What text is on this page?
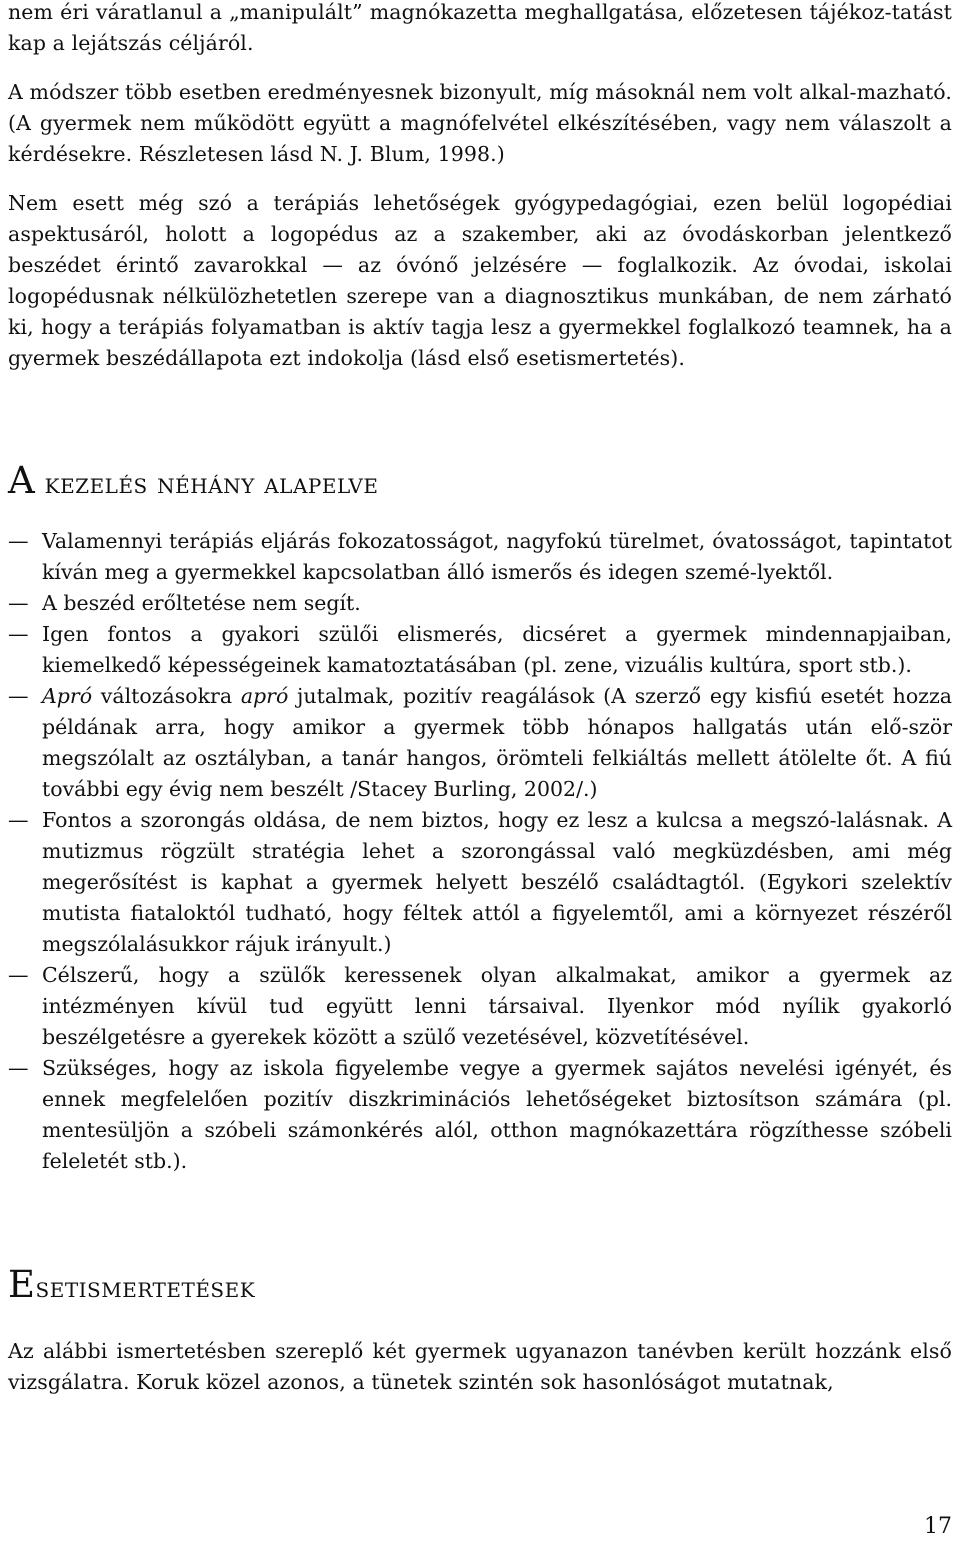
nem éri váratlanul a „manipulált” magnókazetta meghallgatása, előzetesen tájékoz-tatást kap a lejátszás céljáról.

A módszer több esetben eredményesnek bizonyult, míg másoknál nem volt alkal-mazható. (A gyermek nem működött együtt a magnófelvétel elkészítésében, vagy nem válaszolt a kérdésekre. Részletesen lásd N. J. Blum, 1998.)

Nem esett még szó a terápiás lehetőségek gyógypedagógiai, ezen belül logopédiai aspektusáról, holott a logopédus az a szakember, aki az óvodáskorban jelentkező beszédet érintő zavarokkal — az óvónő jelzésére — foglalkozik. Az óvodai, iskolai logopédusnak nélkülözhetetlen szerepe van a diagnosztikus munkában, de nem zárható ki, hogy a terápiás folyamatban is aktív tagja lesz a gyermekkel foglalkozó teamnek, ha a gyermek beszédállapota ezt indokolja (lásd első esetismertetés).

A kezelés néhány alapelve
— Valamennyi terápiás eljárás fokozatosságot, nagyfokú türelmet, óvatosságot, tapintatot kíván meg a gyermekkel kapcsolatban álló ismerős és idegen szemé-lyektől.
— A beszéd erőltetése nem segít.
— Igen fontos a gyakori szülői elismerés, dicséret a gyermek mindennapjaiban, kiemelkedő képességeinek kamatoztatásában (pl. zene, vizuális kultúra, sport stb.).
— Apró változásokra apró jutalmak, pozitív reagálások (A szerző egy kisfiú esetét hozza példának arra, hogy amikor a gyermek több hónapos hallgatás után elő-ször megszólalt az osztályban, a tanár hangos, örömteli felkiáltás mellett átölelte őt. A fiú további egy évig nem beszélt /Stacey Burling, 2002/.)
— Fontos a szorongás oldása, de nem biztos, hogy ez lesz a kulcsa a megszó-lalásnak. A mutizmus rögzült stratégia lehet a szorongással való megküzdésben, ami még megerősítést is kaphat a gyermek helyett beszélő családtagtól. (Egykori szelektív mutista fiataloktól tudható, hogy féltek attól a figyelemtől, ami a környezet részéről megszólalásukkor rájuk irányult.)
— Célszerű, hogy a szülők keressenek olyan alkalmakat, amikor a gyermek az intézményen kívül tud együtt lenni társaival. Ilyenkor mód nyílik gyakorló beszélgetésre a gyerekek között a szülő vezetésével, közvetítésével.
— Szükséges, hogy az iskola figyelembe vegye a gyermek sajátos nevelési igényét, és ennek megfelelően pozitív diszkriminációs lehetőségeket biztosítson számára (pl. mentesüljön a szóbeli számonkérés alól, otthon magnókazettára rögzíthesse szóbeli feleletét stb.).
Esetismertetések

Az alábbi ismertetésben szereplő két gyermek ugyanazon tanévben került hozzánk első vizsgálatra. Koruk közel azonos, a tünetek szintén sok hasonlóságot mutatnak,

17
